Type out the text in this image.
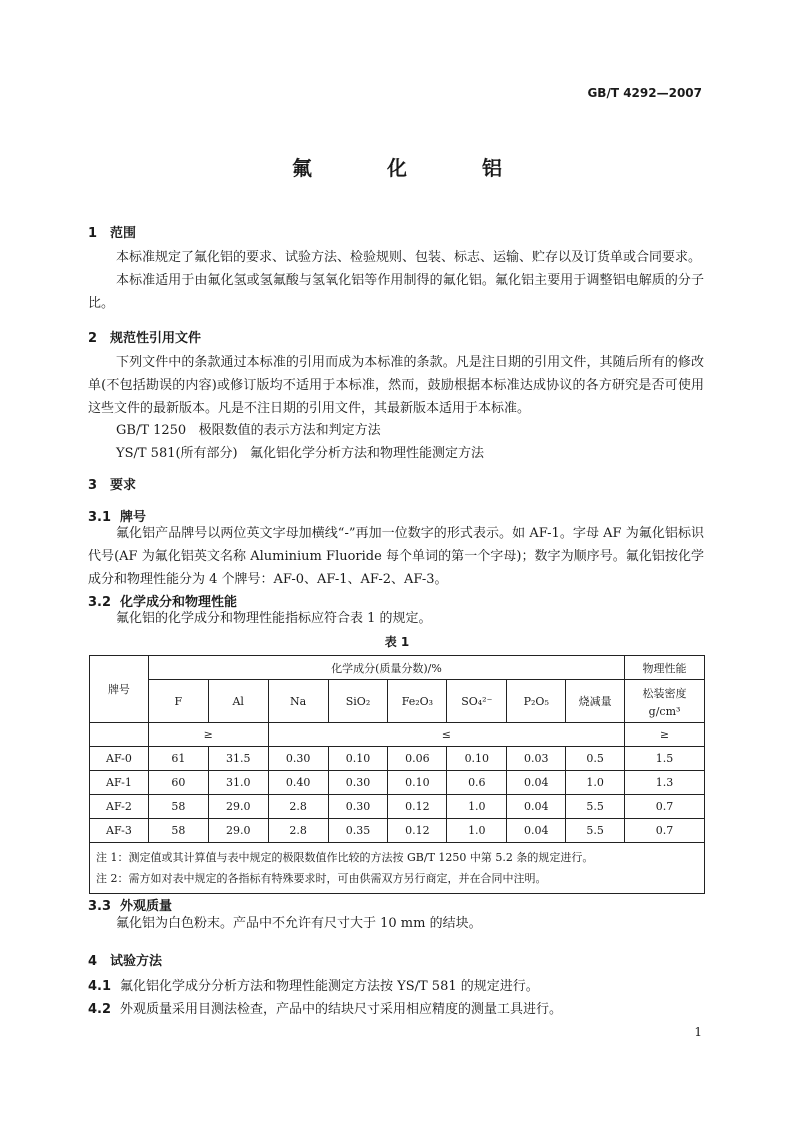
GB/T 4292—2007
氟 化 铝
1 范围
本标准规定了氟化铝的要求、试验方法、检验规则、包装、标志、运输、贮存以及订货单或合同要求。
本标准适用于由氟化氢或氢氟酸与氢氧化铝等作用制得的氟化铝。氟化铝主要用于调整铝电解质的分子比。
2 规范性引用文件
下列文件中的条款通过本标准的引用而成为本标准的条款。凡是注日期的引用文件，其随后所有的修改单(不包括勘误的内容)或修订版均不适用于本标准，然而，鼓励根据本标准达成协议的各方研究是否可使用这些文件的最新版本。凡是不注日期的引用文件，其最新版本适用于本标准。
GB/T 1250   极限数值的表示方法和判定方法
YS/T 581(所有部分)   氟化铝化学分析方法和物理性能测定方法
3 要求
3.1 牌号
氟化铝产品牌号以两位英文字母加横线“-”再加一位数字的形式表示。如 AF-1。字母 AF 为氟化铝标识代号(AF 为氟化铝英文名称 Aluminium Fluoride 每个单词的第一个字母)；数字为顺序号。氟化铝按化学成分和物理性能分为 4 个牌号：AF-0、AF-1、AF-2、AF-3。
3.2 化学成分和物理性能
氟化铝的化学成分和物理性能指标应符合表 1 的规定。
表 1
牌号	化学成分(质量分数)/%								物理性能
	F	Al	Na	SiO₂	Fe₂O₃	SO₄²⁻	P₂O₅	烧减量	松装密度
g/cm³

	≥		≤						≥
AF-0	61	31.5	0.30	0.10	0.06	0.10	0.03	0.5	1.5
AF-1	60	31.0	0.40	0.30	0.10	0.6	0.04	1.0	1.3
AF-2	58	29.0	2.8	0.30	0.12	1.0	0.04	5.5	0.7
AF-3	58	29.0	2.8	0.35	0.12	1.0	0.04	5.5	0.7

注 1：测定值或其计算值与表中规定的极限数值作比较的方法按 GB/T 1250 中第 5.2 条的规定进行。
注 2：需方如对表中规定的各指标有特殊要求时，可由供需双方另行商定，并在合同中注明。									
3.3 外观质量
氟化铝为白色粉末。产品中不允许有尺寸大于 10 mm 的结块。
4 试验方法
4.1 氟化铝化学成分分析方法和物理性能测定方法按 YS/T 581 的规定进行。
4.2 外观质量采用目测法检查，产品中的结块尺寸采用相应精度的测量工具进行。
1
